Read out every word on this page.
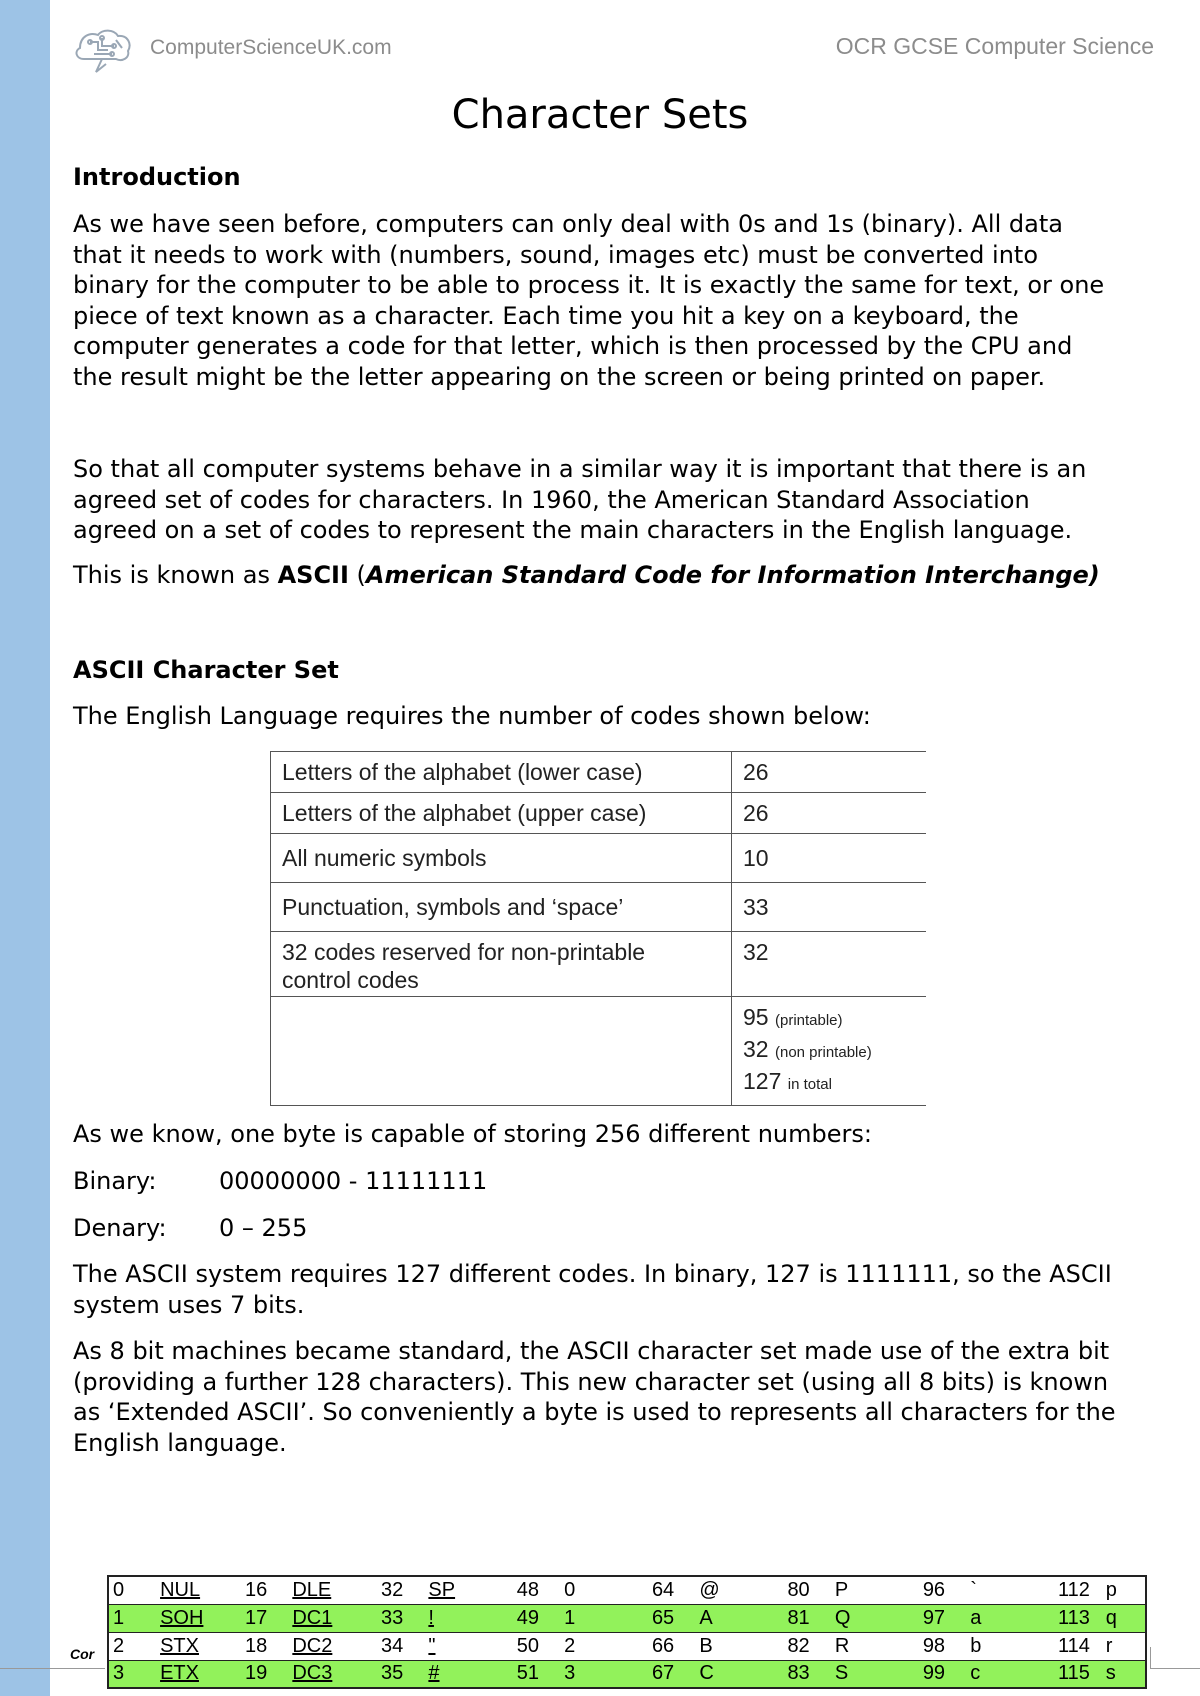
ComputerScienceUK.com	OCR GCSE Computer Science
Character Sets
Introduction
As we have seen before, computers can only deal with 0s and 1s (binary). All data
that it needs to work with (numbers, sound, images etc) must be converted into
binary for the computer to be able to process it. It is exactly the same for text, or one
piece of text known as a character. Each time you hit a key on a keyboard, the
computer generates a code for that letter, which is then processed by the CPU and
the result might be the letter appearing on the screen or being printed on paper.
So that all computer systems behave in a similar way it is important that there is an
agreed set of codes for characters. In 1960, the American Standard Association
agreed on a set of codes to represent the main characters in the English language.
This is known as ASCII (American Standard Code for Information Interchange)
ASCII Character Set
The English Language requires the number of codes shown below:
Letters of the alphabet (lower case)	26
Letters of the alphabet (upper case)	26
All numeric symbols	10
Punctuation, symbols and ‘space’	33
32 codes reserved for non-printable control codes	32

	95 (printable)
32 (non printable)
127 in total
As we know, one byte is capable of storing 256 different numbers:
Binary:	00000000 - 11111111
Denary: 0 – 255
The ASCII system requires 127 different codes. In binary, 127 is 1111111, so the ASCII
system uses 7 bits.
As 8 bit machines became standard, the ASCII character set made use of the extra bit
(providing a further 128 characters). This new character set (using all 8 bits) is known
as ‘Extended ASCII’. So conveniently a byte is used to represents all characters for the
English language.
0	NUL	16	DLE	32	SP	48	0	64	@	80	P	96	`	112	p
1	SOH	17	DC1	33	!	49	1	65	A	81	Q	97	a	113	q
2	STX	18	DC2	34	"	50	2	66	B	82	R	98	b	114	r
3	ETX	19	DC3	35	#	51	3	67	C	83	S	99	c	115	s
Cor
